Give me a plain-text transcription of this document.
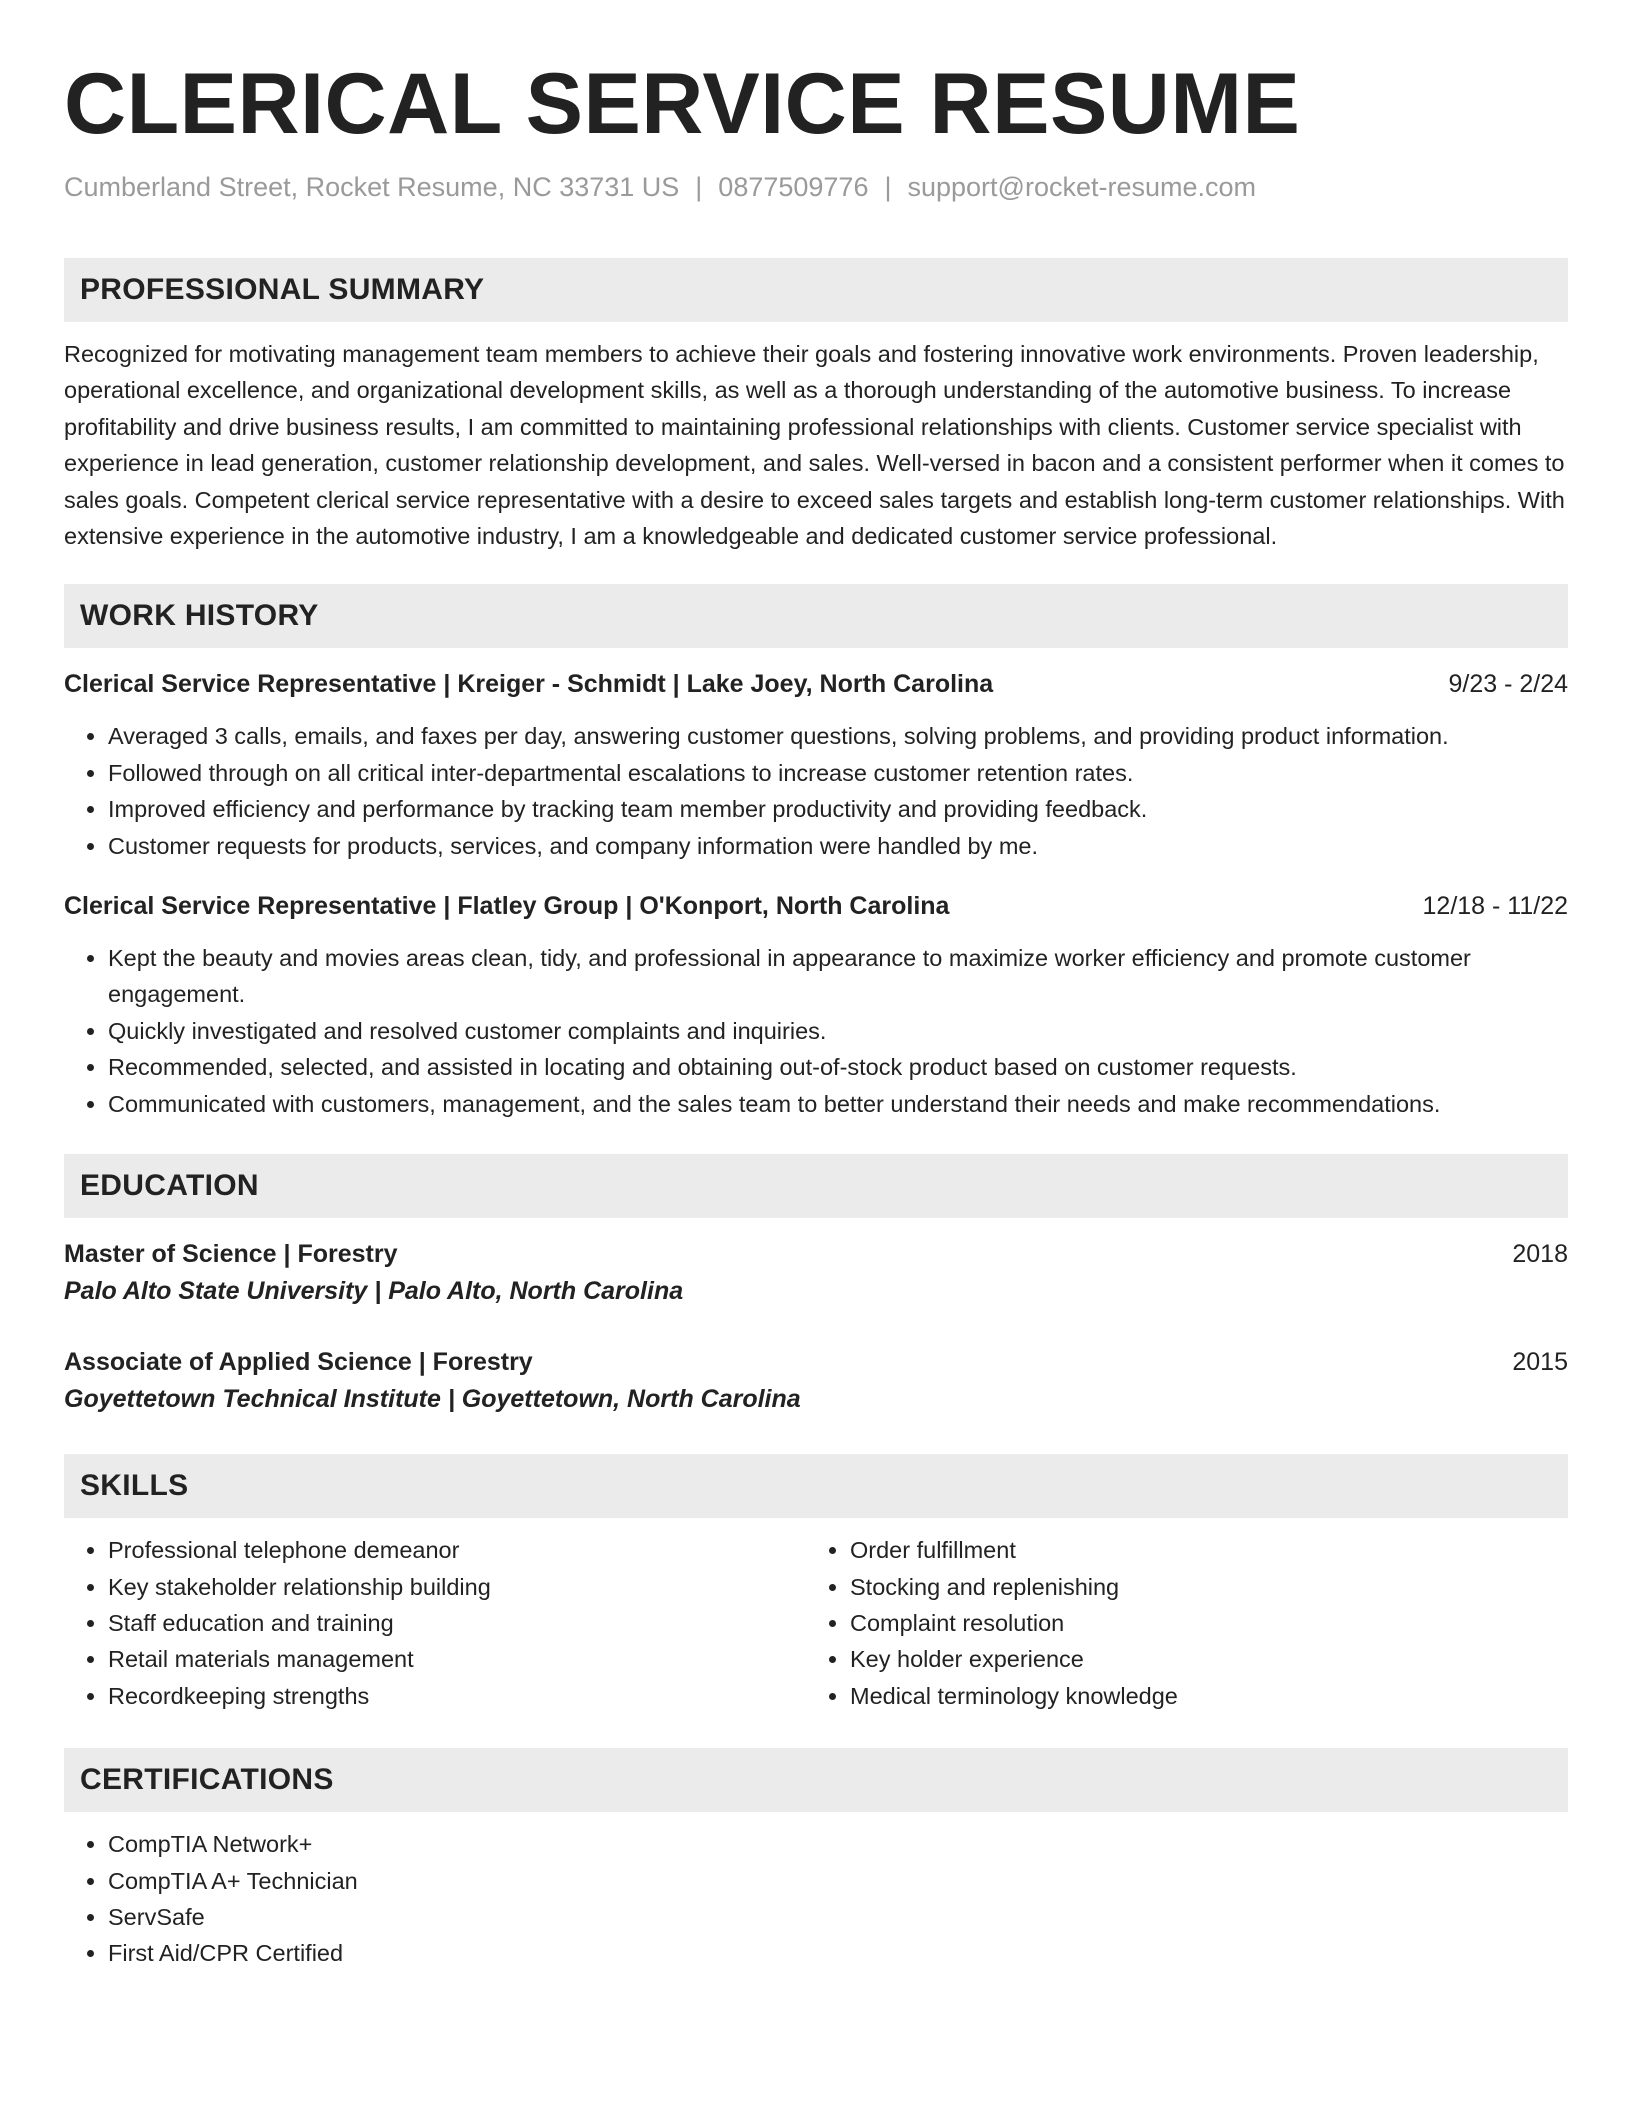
CLERICAL SERVICE RESUME
Cumberland Street, Rocket Resume, NC 33731 US | 0877509776 | support@rocket-resume.com
PROFESSIONAL SUMMARY

Recognized for motivating management team members to achieve their goals and fostering innovative work environments. Proven leadership, operational excellence, and organizational development skills, as well as a thorough understanding of the automotive business. To increase profitability and drive business results, I am committed to maintaining professional relationships with clients. Customer service specialist with experience in lead generation, customer relationship development, and sales. Well-versed in bacon and a consistent performer when it comes to sales goals. Competent clerical service representative with a desire to exceed sales targets and establish long-term customer relationships. With extensive experience in the automotive industry, I am a knowledgeable and dedicated customer service professional.

WORK HISTORY
Clerical Service Representative | Kreiger - Schmidt | Lake Joey, North Carolina	9/23 - 2/24
• Averaged 3 calls, emails, and faxes per day, answering customer questions, solving problems, and providing product information.
• Followed through on all critical inter-departmental escalations to increase customer retention rates.
• Improved efficiency and performance by tracking team member productivity and providing feedback.
• Customer requests for products, services, and company information were handled by me.
Clerical Service Representative | Flatley Group | O'Konport, North Carolina	12/18 - 11/22
• Kept the beauty and movies areas clean, tidy, and professional in appearance to maximize worker efficiency and promote customer engagement.
• Quickly investigated and resolved customer complaints and inquiries.
• Recommended, selected, and assisted in locating and obtaining out-of-stock product based on customer requests.
• Communicated with customers, management, and the sales team to better understand their needs and make recommendations.
EDUCATION
Master of Science | Forestry	2018
Palo Alto State University | Palo Alto, North Carolina
Associate of Applied Science | Forestry	2015
Goyettetown Technical Institute | Goyettetown, North Carolina
SKILLS
• Professional telephone demeanor
• Key stakeholder relationship building
• Staff education and training
• Retail materials management
• Recordkeeping strengths
• Order fulfillment
• Stocking and replenishing
• Complaint resolution
• Key holder experience
• Medical terminology knowledge
CERTIFICATIONS
• CompTIA Network+
• CompTIA A+ Technician
• ServSafe
• First Aid/CPR Certified
